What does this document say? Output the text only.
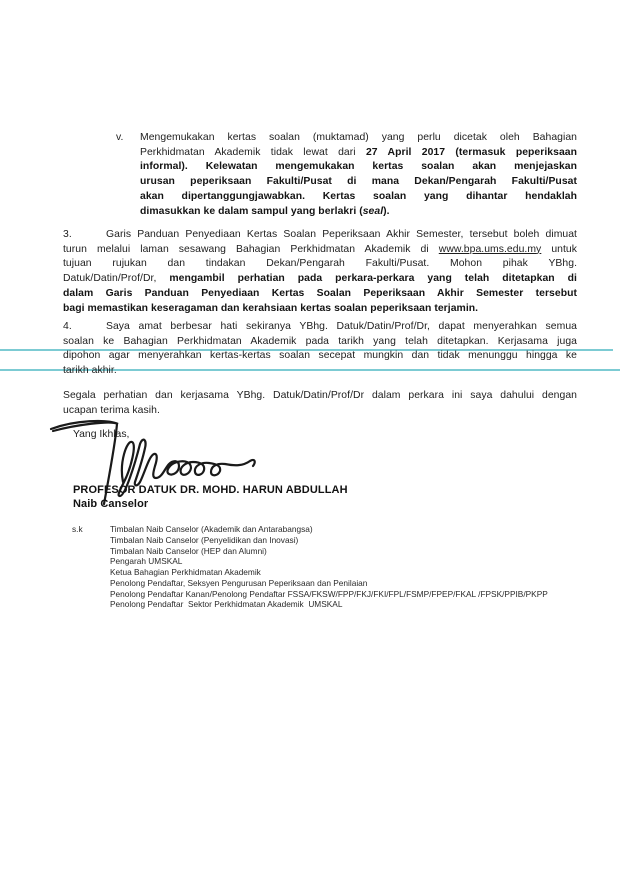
v. Mengemukakan kertas soalan (muktamad) yang perlu dicetak oleh Bahagian
Perkhidmatan Akademik tidak lewat dari 27 April 2017 (termasuk peperiksaan
informal). Kelewatan mengemukakan kertas soalan akan menjejaskan
urusan peperiksaan Fakulti/Pusat di mana Dekan/Pengarah Fakulti/Pusat
akan dipertanggungjawabkan. Kertas soalan yang dihantar hendaklah
dimasukkan ke dalam sampul yang berlakri (seal).
3.	Garis Panduan Penyediaan Kertas Soalan Peperiksaan Akhir Semester, tersebut boleh dimuat
turun melalui laman sesawang Bahagian Perkhidmatan Akademik di www.bpa.ums.edu.my untuk
tujuan rujukan dan tindakan Dekan/Pengarah Fakulti/Pusat. Mohon pihak YBhg.
Datuk/Datin/Prof/Dr, mengambil perhatian pada perkara-perkara yang telah ditetapkan di
dalam Garis Panduan Penyediaan Kertas Soalan Peperiksaan Akhir Semester tersebut
bagi memastikan keseragaman dan kerahsiaan kertas soalan peperiksaan terjamin.
4.	Saya amat berbesar hati sekiranya YBhg. Datuk/Datin/Prof/Dr, dapat menyerahkan semua
soalan ke Bahagian Perkhidmatan Akademik pada tarikh yang telah ditetapkan. Kerjasama juga
dipohon agar menyerahkan kertas-kertas soalan secepat mungkin dan tidak menunggu hingga ke
tarikh akhir.
Segala perhatian dan kerjasama YBhg. Datuk/Datin/Prof/Dr dalam perkara ini saya dahului dengan
ucapan terima kasih.
Yang Ikhlas,
PROFESOR DATUK DR. MOHD. HARUN ABDULLAH
Naib Canselor
s.k	Timbalan Naib Canselor (Akademik dan Antarabangsa)
Timbalan Naib Canselor (Penyelidikan dan Inovasi)
Timbalan Naib Canselor (HEP dan Alumni)
Pengarah UMSKAL
Ketua Bahagian Perkhidmatan Akademik
Penolong Pendaftar, Seksyen Pengurusan Peperiksaan dan Penilaian
Penolong Pendaftar Kanan/Penolong Pendaftar FSSA/FKSW/FPP/FKJ/FKI/FPL/FSMP/FPEP/FKAL /FPSK/PPIB/PKPP
Penolong Pendaftar  Sektor Perkhidmatan Akademik  UMSKAL
